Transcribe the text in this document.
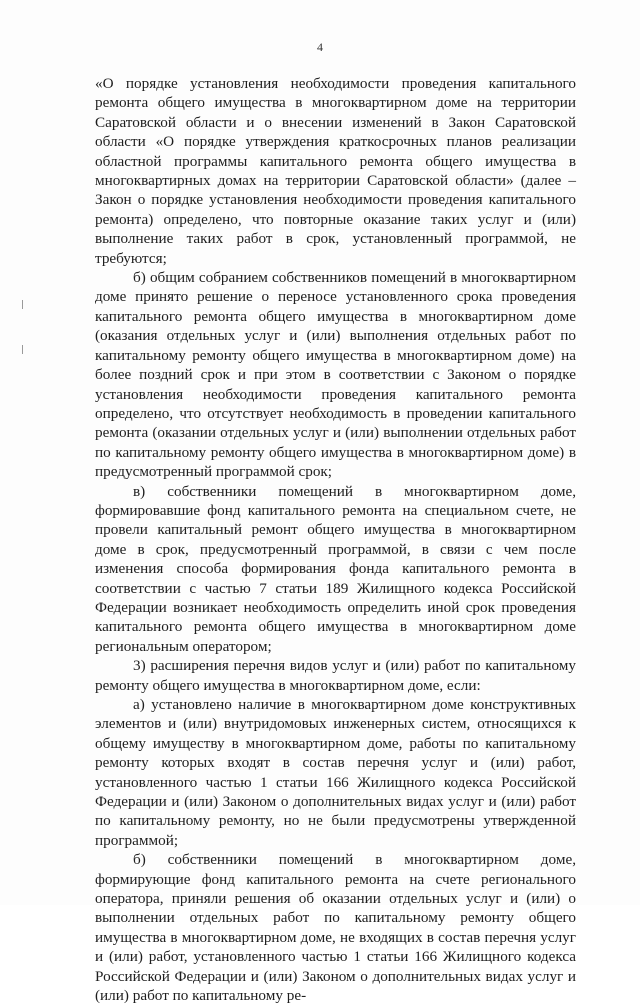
4

«О порядке установления необходимости проведения капитального ремонта общего имущества в многоквартирном доме на территории Саратовской области и о внесении изменений в Закон Саратовской области «О порядке утверждения краткосрочных планов реализации областной программы капитального ремонта общего имущества в многоквартирных домах на территории Саратовской области» (далее – Закон о порядке установления необходимости проведения капитального ремонта) определено, что повторные оказание таких услуг и (или) выполнение таких работ в срок, установленный программой, не требуются;

б) общим собранием собственников помещений в многоквартирном доме принято решение о переносе установленного срока проведения капитального ремонта общего имущества в многоквартирном доме (оказания отдельных услуг и (или) выполнения отдельных работ по капитальному ремонту общего имущества в многоквартирном доме) на более поздний срок и при этом в соответствии с Законом о порядке установления необходимости проведения капитального ремонта определено, что отсутствует необходимость в проведении капитального ремонта (оказании отдельных услуг и (или) выполнении отдельных работ по капитальному ремонту общего имущества в многоквартирном доме) в предусмотренный программой срок;

в) собственники помещений в многоквартирном доме, формировавшие фонд капитального ремонта на специальном счете, не провели капитальный ремонт общего имущества в многоквартирном доме в срок, предусмотренный программой, в связи с чем после изменения способа формирования фонда капитального ремонта в соответствии с частью 7 статьи 189 Жилищного кодекса Российской Федерации возникает необходимость определить иной срок проведения капитального ремонта общего имущества в многоквартирном доме региональным оператором;

3) расширения перечня видов услуг и (или) работ по капитальному ремонту общего имущества в многоквартирном доме, если:

а) установлено наличие в многоквартирном доме конструктивных элементов и (или) внутридомовых инженерных систем, относящихся к общему имуществу в многоквартирном доме, работы по капитальному ремонту которых входят в состав перечня услуг и (или) работ, установленного частью 1 статьи 166 Жилищного кодекса Российской Федерации и (или) Законом о дополнительных видах услуг и (или) работ по капитальному ремонту, но не были предусмотрены утвержденной программой;

б) собственники помещений в многоквартирном доме, формирующие фонд капитального ремонта на счете регионального оператора, приняли решения об оказании отдельных услуг и (или) о выполнении отдельных работ по капитальному ремонту общего имущества в многоквартирном доме, не входящих в состав перечня услуг и (или) работ, установленного частью 1 статьи 166 Жилищного кодекса Российской Федерации и (или) Законом о дополнительных видах услуг и (или) работ по капитальному ре-
